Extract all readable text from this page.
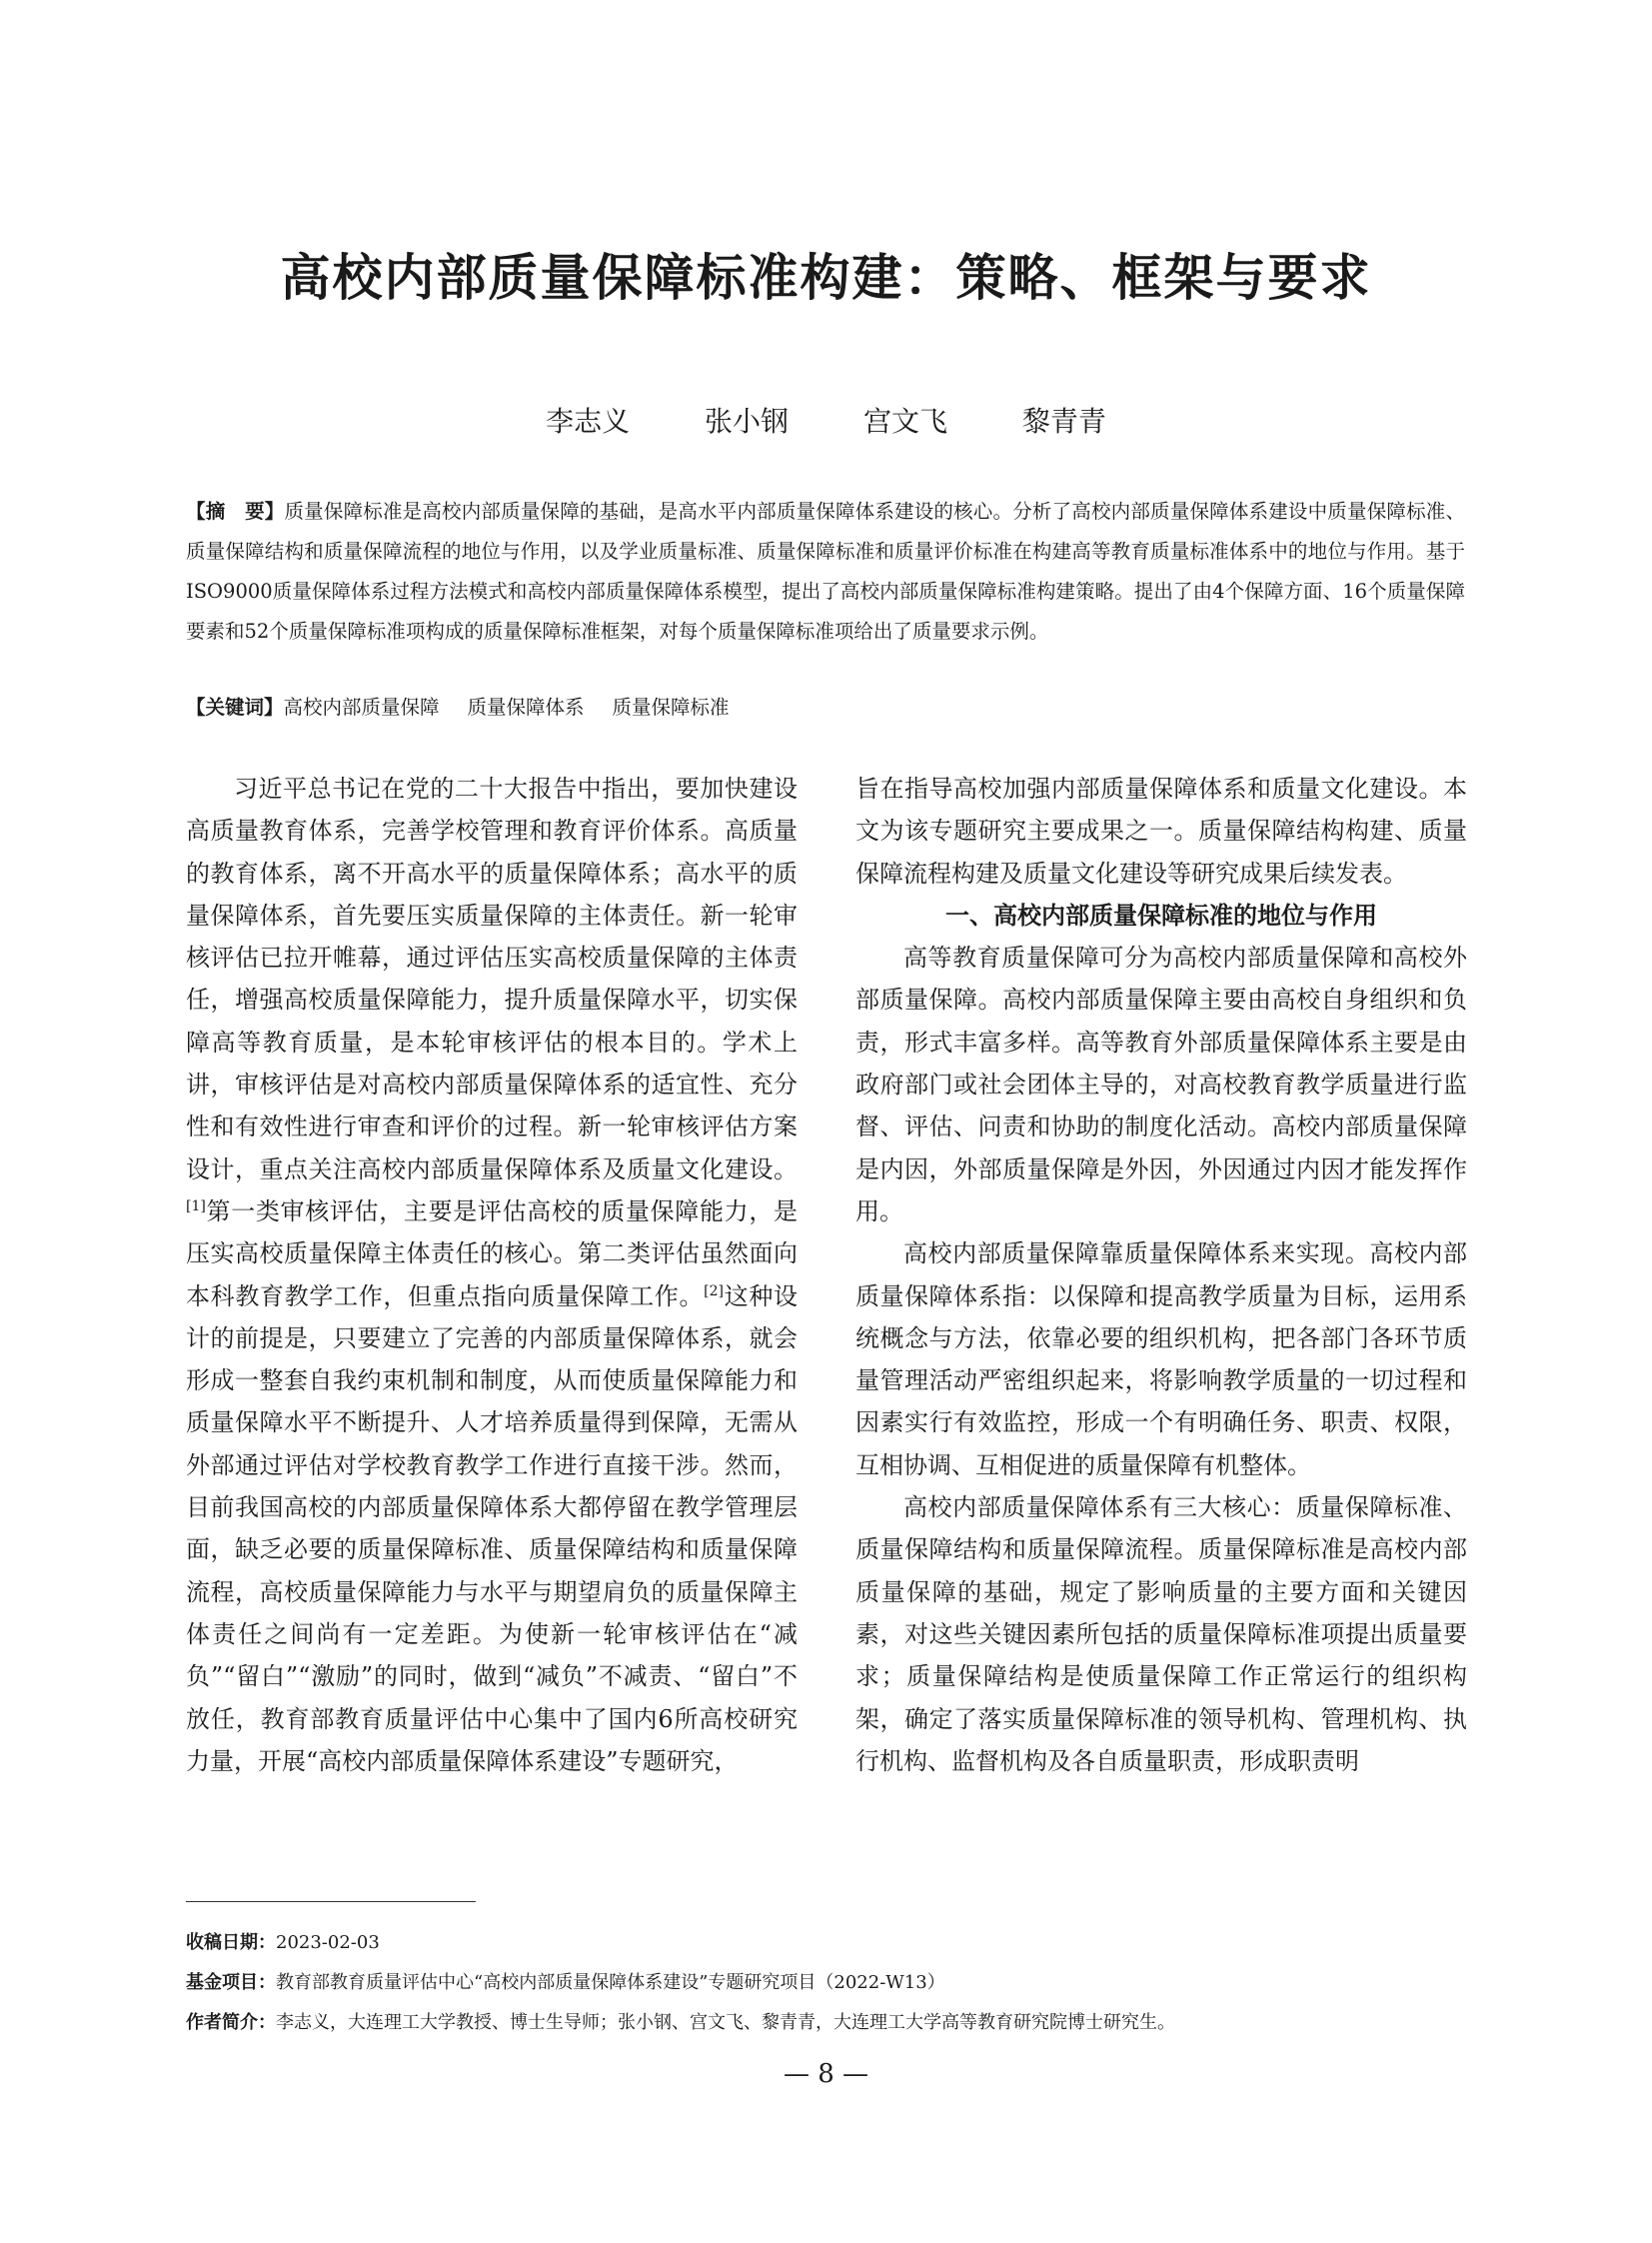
高校内部质量保障标准构建：策略、框架与要求
李志义	张小钢	宫文飞	黎青青
【摘　要】质量保障标准是高校内部质量保障的基础，是高水平内部质量保障体系建设的核心。分析了高校内部质量保障体系建设中质量保障标准、质量保障结构和质量保障流程的地位与作用，以及学业质量标准、质量保障标准和质量评价标准在构建高等教育质量标准体系中的地位与作用。基于ISO9000质量保障体系过程方法模式和高校内部质量保障体系模型，提出了高校内部质量保障标准构建策略。提出了由4个保障方面、16个质量保障要素和52个质量保障标准项构成的质量保障标准框架，对每个质量保障标准项给出了质量要求示例。
【关键词】高校内部质量保障 质量保障体系 质量保障标准

习近平总书记在党的二十大报告中指出，要加快建设高质量教育体系，完善学校管理和教育评价体系。高质量的教育体系，离不开高水平的质量保障体系；高水平的质量保障体系，首先要压实质量保障的主体责任。新一轮审核评估已拉开帷幕，通过评估压实高校质量保障的主体责任，增强高校质量保障能力，提升质量保障水平，切实保障高等教育质量，是本轮审核评估的根本目的。学术上讲，审核评估是对高校内部质量保障体系的适宜性、充分性和有效性进行审查和评价的过程。新一轮审核评估方案设计，重点关注高校内部质量保障体系及质量文化建设。[1]第一类审核评估，主要是评估高校的质量保障能力，是压实高校质量保障主体责任的核心。第二类评估虽然面向本科教育教学工作，但重点指向质量保障工作。[2]这种设计的前提是，只要建立了完善的内部质量保障体系，就会形成一整套自我约束机制和制度，从而使质量保障能力和质量保障水平不断提升、人才培养质量得到保障，无需从外部通过评估对学校教育教学工作进行直接干涉。然而，目前我国高校的内部质量保障体系大都停留在教学管理层面，缺乏必要的质量保障标准、质量保障结构和质量保障流程，高校质量保障能力与水平与期望肩负的质量保障主体责任之间尚有一定差距。为使新一轮审核评估在“减负”“留白”“激励”的同时，做到“减负”不减责、“留白”不放任，教育部教育质量评估中心集中了国内6所高校研究力量，开展“高校内部质量保障体系建设”专题研究，

旨在指导高校加强内部质量保障体系和质量文化建设。本文为该专题研究主要成果之一。质量保障结构构建、质量保障流程构建及质量文化建设等研究成果后续发表。

一、高校内部质量保障标准的地位与作用

高等教育质量保障可分为高校内部质量保障和高校外部质量保障。高校内部质量保障主要由高校自身组织和负责，形式丰富多样。高等教育外部质量保障体系主要是由政府部门或社会团体主导的，对高校教育教学质量进行监督、评估、问责和协助的制度化活动。高校内部质量保障是内因，外部质量保障是外因，外因通过内因才能发挥作用。

高校内部质量保障靠质量保障体系来实现。高校内部质量保障体系指：以保障和提高教学质量为目标，运用系统概念与方法，依靠必要的组织机构，把各部门各环节质量管理活动严密组织起来，将影响教学质量的一切过程和因素实行有效监控，形成一个有明确任务、职责、权限，互相协调、互相促进的质量保障有机整体。

高校内部质量保障体系有三大核心：质量保障标准、质量保障结构和质量保障流程。质量保障标准是高校内部质量保障的基础，规定了影响质量的主要方面和关键因素，对这些关键因素所包括的质量保障标准项提出质量要求；质量保障结构是使质量保障工作正常运行的组织构架，确定了落实质量保障标准的领导机构、管理机构、执行机构、监督机构及各自质量职责，形成职责明

收稿日期：2023-02-03
基金项目：教育部教育质量评估中心“高校内部质量保障体系建设”专题研究项目（2022-W13）
作者简介：李志义，大连理工大学教授、博士生导师；张小钢、宫文飞、黎青青，大连理工大学高等教育研究院博士研究生。
— 8 —
